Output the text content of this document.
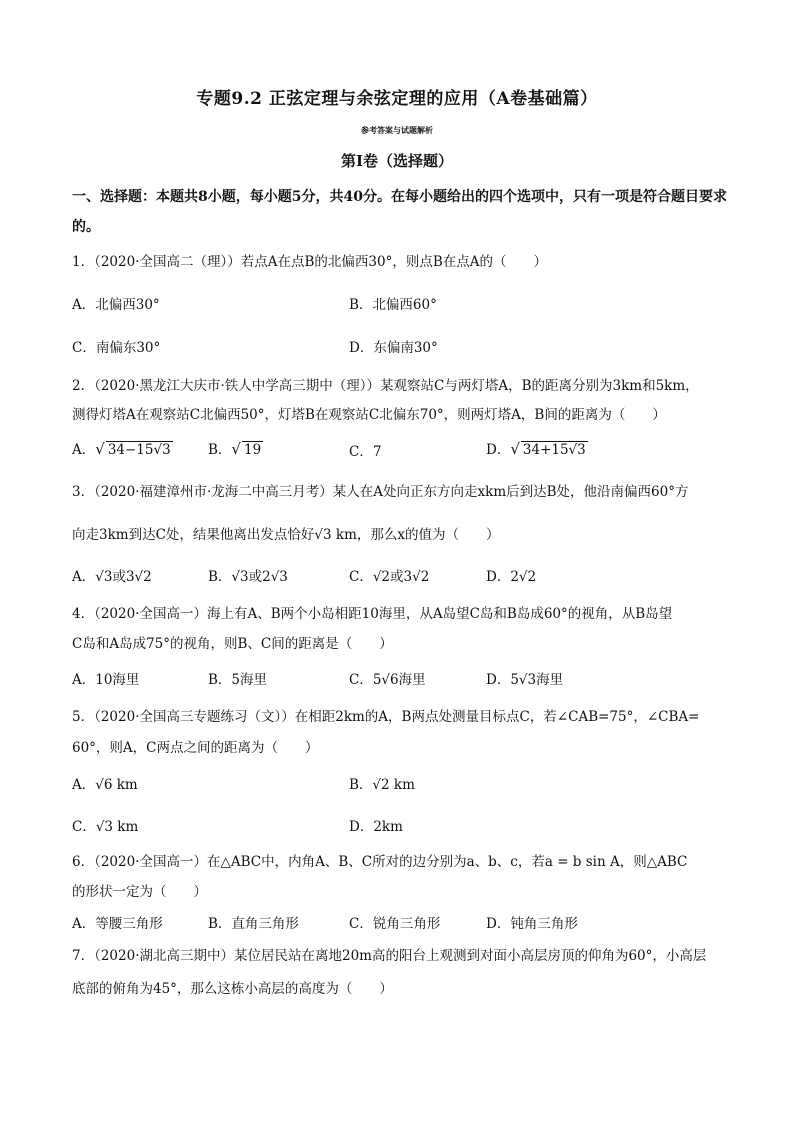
专题9.2 正弦定理与余弦定理的应用（A卷基础篇）
参考答案与试题解析
第Ⅰ卷（选择题）
一、选择题：本题共8小题，每小题5分，共40分。在每小题给出的四个选项中，只有一项是符合题目要求的。
1．（2020·全国高二（理））若点A在点B的北偏西30°，则点B在点A的（　　）
A．北偏西30°	B．北偏西60°
C．南偏东30°	D．东偏南30°
2．（2020·黑龙江大庆市·铁人中学高三期中（理））某观察站C与两灯塔A，B的距离分别为3km和5km，
测得灯塔A在观察站C北偏西50°，灯塔B在观察站C北偏东70°，则两灯塔A，B间的距离为（　　）
A．√ 34−15√3	B．√ 19	C．7	D．√ 34+15√3
3．（2020·福建漳州市·龙海二中高三月考）某人在A处向正东方向走xkm后到达B处，他沿南偏西60°方
向走3km到达C处，结果他离出发点恰好√3 km，那么x的值为（　　）
A．√3或3√2	B．√3或2√3	C．√2或3√2	D．2√2
4．（2020·全国高一）海上有A、B两个小岛相距10海里，从A岛望C岛和B岛成60°的视角，从B岛望
C岛和A岛成75°的视角，则B、C间的距离是（　　）
A．10海里	B．5海里	C．5√6海里	D．5√3海里
5．（2020·全国高三专题练习（文））在相距2km的A，B两点处测量目标点C，若∠CAB=75°，∠CBA=
60°，则A，C两点之间的距离为（　　）
A．√6 km	B．√2 km
C．√3 km	D．2km
6．（2020·全国高一）在△ABC中，内角A、B、C所对的边分别为a、b、c，若a = b sin A，则△ABC
的形状一定为（　　）
A．等腰三角形	B．直角三角形	C．锐角三角形	D．钝角三角形
7．（2020·湖北高三期中）某位居民站在离地20m高的阳台上观测到对面小高层房顶的仰角为60°，小高层
底部的俯角为45°，那么这栋小高层的高度为（　　）
